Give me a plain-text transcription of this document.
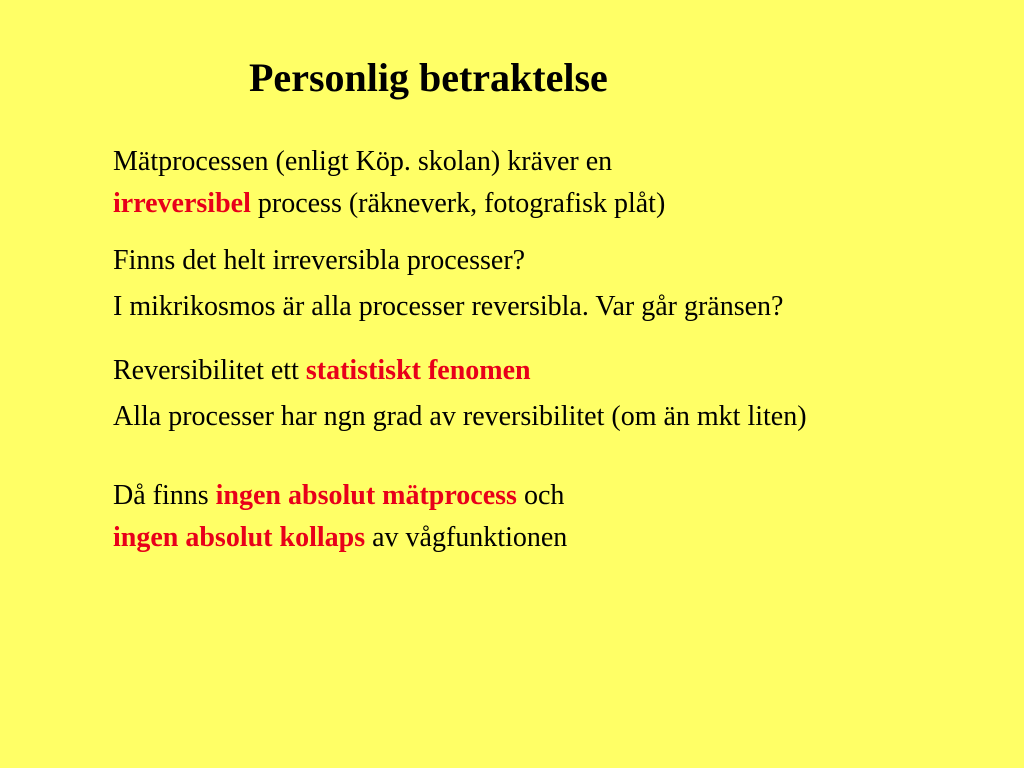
Personlig betraktelse
Mätprocessen (enligt Köp. skolan) kräver en
irreversibel process (räkneverk, fotografisk plåt)
Finns det helt irreversibla processer?
I mikrikosmos är alla processer reversibla. Var går gränsen?
Reversibilitet ett statistiskt fenomen
Alla processer har ngn grad av reversibilitet (om än mkt liten)
Då finns ingen absolut mätprocess och
ingen absolut kollaps av vågfunktionen
